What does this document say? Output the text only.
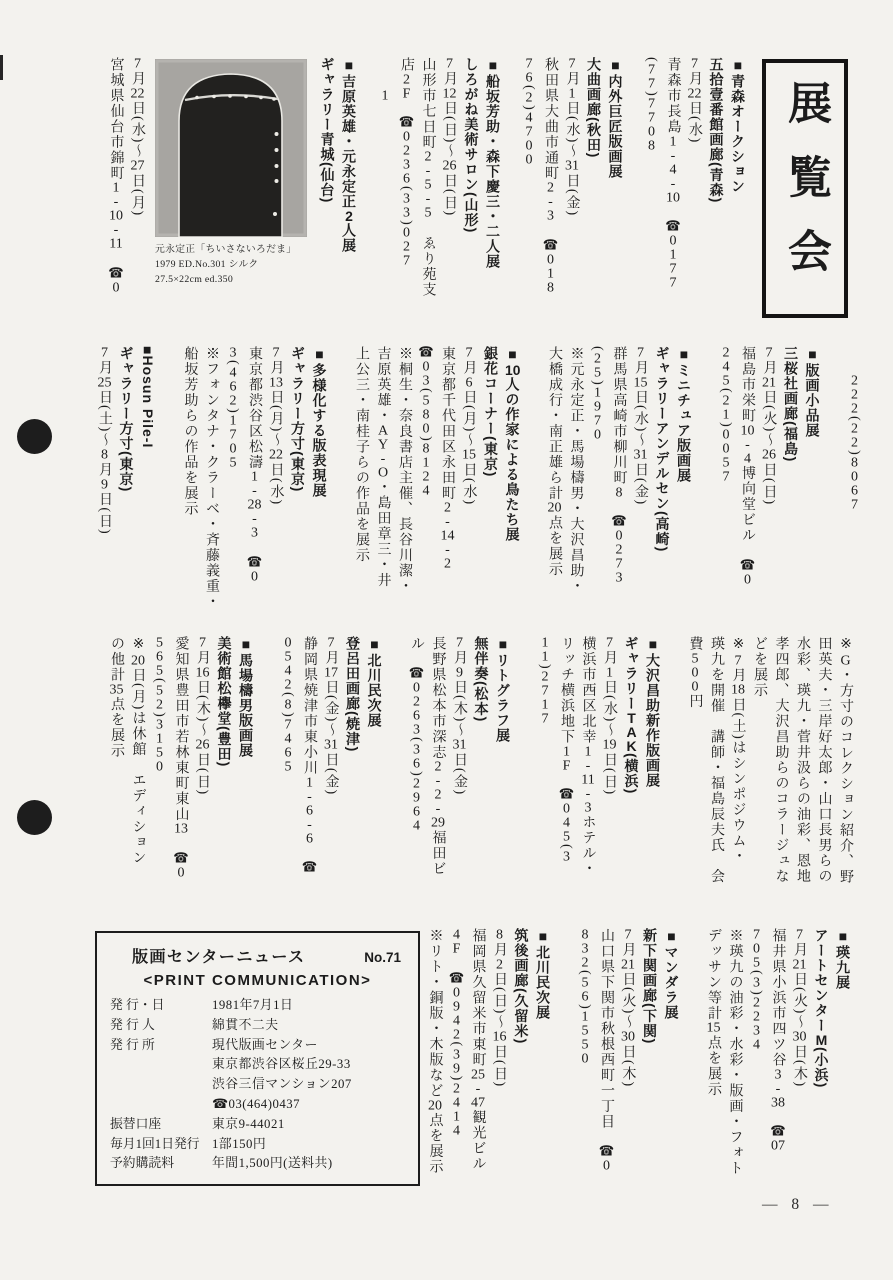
展覧会
■青森オークション
五拾壹番館画廊(青森)
7月22日(水)
青森市長島1-4-10　☎0177
(77)7708
■内外巨匠版画展
大曲画廊(秋田)
7月1日(水)〜31日(金)
秋田県大曲市通町2-3　☎018
76(2)4700
■船坂芳助・森下慶三・二人展
しろがね美術サロン(山形)
7月12日(日)〜26日(日)
山形市七日町2-5-5　ゑり苑支
店2F　☎0236(33)027
1
■吉原英雄・元永定正2人展
ギャラリー青城(仙台)
元永定正「ちいさないろだま」
1979 ED.No.301 シルク
27.5×22cm ed.350
7月22日(水)〜27日(月)
宮城県仙台市錦町1-10-11　☎0
222(22)8067
■版画小品展
三桜社画廊(福島)
7月21日(火)〜26日(日)
福島市栄町10-4博向堂ビル　☎0
245(21)0057
■ミニチュア版画展
ギャラリーアンデルセン(高崎)
7月15日(水)〜31日(金)
群馬県高崎市柳川町8　☎0273
(25)1970
※元永定正・馬場檮男・大沢昌助・
大橋成行・南正雄ら計20点を展示
■10人の作家による鳥たち展
銀花コーナー(東京)
7月6日(月)〜15日(水)
東京都千代田区永田町2-14-2
☎03(580)8124
※桐生・奈良書店主催、長谷川潔・
吉原英雄・AY-O・島田章三・井
上公三・南桂子らの作品を展示
■多様化する版表現展
ギャラリー方寸(東京)
7月13日(月)〜22日(水)
東京都渋谷区松濤1-28-3　☎0
3(462)1705
※フォンタナ・クラーベ・斉藤義重・
船坂芳助らの作品を展示
■Hosun Pile-I
ギャラリー方寸(東京)
7月25日(土)〜8月9日(日)
※G・方寸のコレクション紹介、野
田英夫・三岸好太郎・山口長男らの
水彩、瑛九・菅井汲らの油彩、恩地
孝四郎、大沢昌助らのコラージュな
どを展示
※7月18日(土)はシンポジウム・
瑛九を開催　講師・福島辰夫氏　会
費500円
■大沢昌助新作版画展
ギャラリーTAK(横浜)
7月1日(水)〜19日(日)
横浜市西区北幸1-11-3ホテル・
リッチ横浜地下1F　☎045(3
11)2717
■リトグラフ展
無伴奏(松本)
7月9日(木)〜31日(金)
長野県松本市深志2-2-29福田ビ
ル　☎0263(36)2964
■北川民次展
登呂田画廊(焼津)
7月17日(金)〜31日(金)
静岡県焼津市東小川1-6-6　☎
0542(8)7465
■馬場檮男版画展
美術館松欅堂(豊田)
7月16日(木)〜26日(日)
愛知県豊田市若林東町東山13　☎0
565(52)3150
※20日(月)は休館　エディション
の他計35点を展示
■瑛九展
アートセンターM(小浜)
7月21日(火)〜30日(木)
福井県小浜市四ツ谷3-38　☎07
705(3)2234
※瑛九の油彩・水彩・版画・フォト
デッサン等計15点を展示
■マンダラ展
新下関画廊(下関)
7月21日(火)〜30日(木)
山口県下関市秋根西町一丁目　☎0
832(56)1550
■北川民次展
筑後画廊(久留米)
8月2日(日)〜16日(日)
福岡県久留米市東町25-47観光ビル
4F　☎0942(39)2414
※リト・銅版・木版など20点を展示
版画センターニュース	No.71
<PRINT COMMUNICATION>
発 行・日	1981年7月1日
発 行 人	綿貫不二夫
発 行 所	現代版画センター
東京都渋谷区桜丘29-33
渋谷三信マンション207
☎03(464)0437
振替口座	東京9-44021
毎月1回1日発行 1部150円
予約購読料	年間1,500円(送料共)
— 8 —
